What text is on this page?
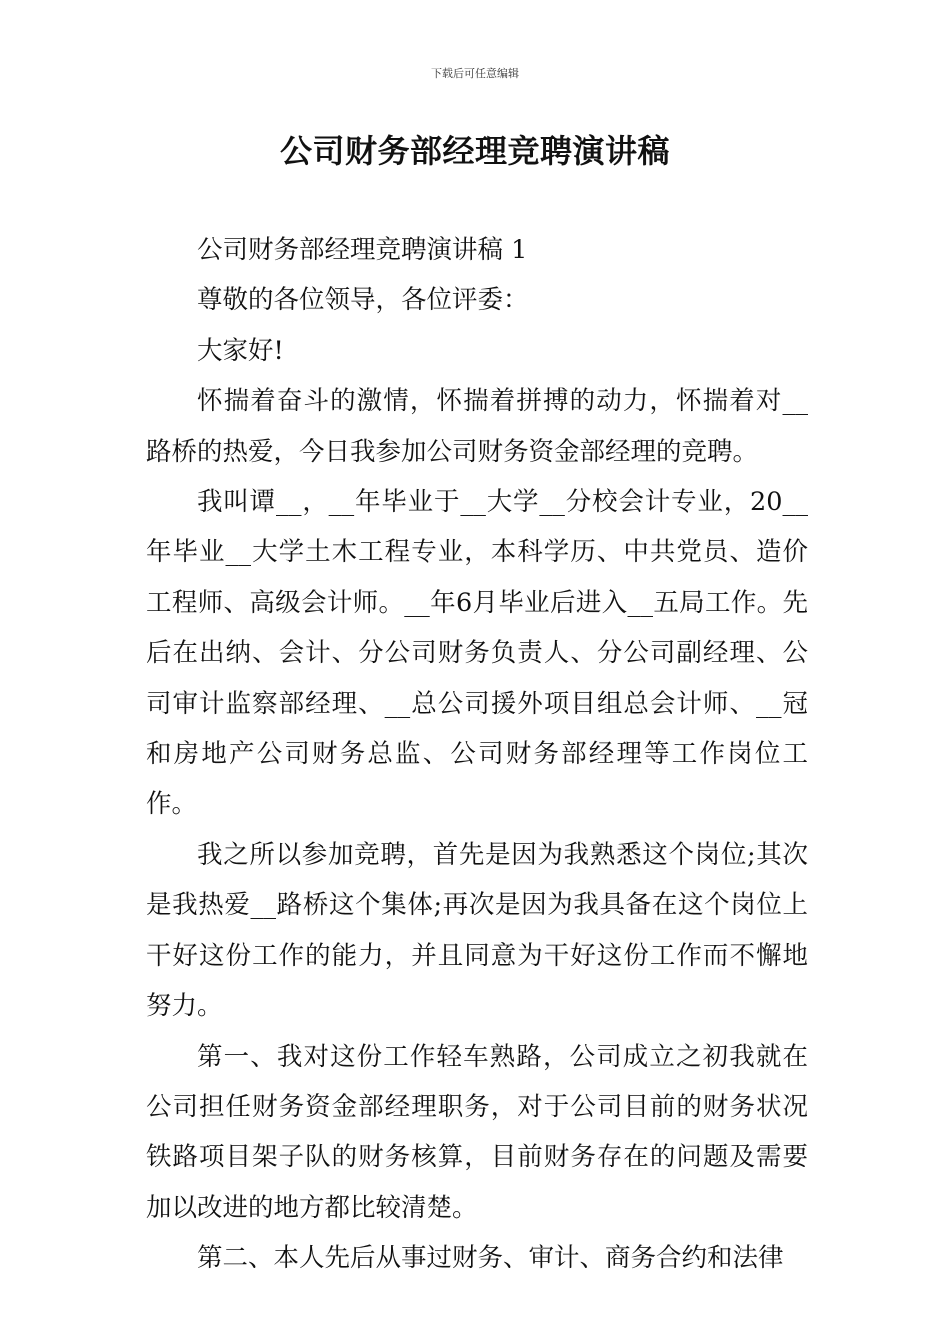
下载后可任意编辑
公司财务部经理竞聘演讲稿

公司财务部经理竞聘演讲稿 1

尊敬的各位领导，各位评委：

大家好!

怀揣着奋斗的激情，怀揣着拼搏的动力，怀揣着对__路桥的热爱，今日我参加公司财务资金部经理的竞聘。

我叫谭__，__年毕业于__大学__分校会计专业，20__年毕业__大学土木工程专业，本科学历、中共党员、造价工程师、高级会计师。__年6月毕业后进入__五局工作。先后在出纳、会计、分公司财务负责人、分公司副经理、公司审计监察部经理、__总公司援外项目组总会计师、__冠和房地产公司财务总监、公司财务部经理等工作岗位工作。

我之所以参加竞聘，首先是因为我熟悉这个岗位;其次是我热爱__路桥这个集体;再次是因为我具备在这个岗位上干好这份工作的能力，并且同意为干好这份工作而不懈地努力。

第一、我对这份工作轻车熟路，公司成立之初我就在公司担任财务资金部经理职务，对于公司目前的财务状况铁路项目架子队的财务核算，目前财务存在的问题及需要加以改进的地方都比较清楚。

第二、本人先后从事过财务、审计、商务合约和法律
